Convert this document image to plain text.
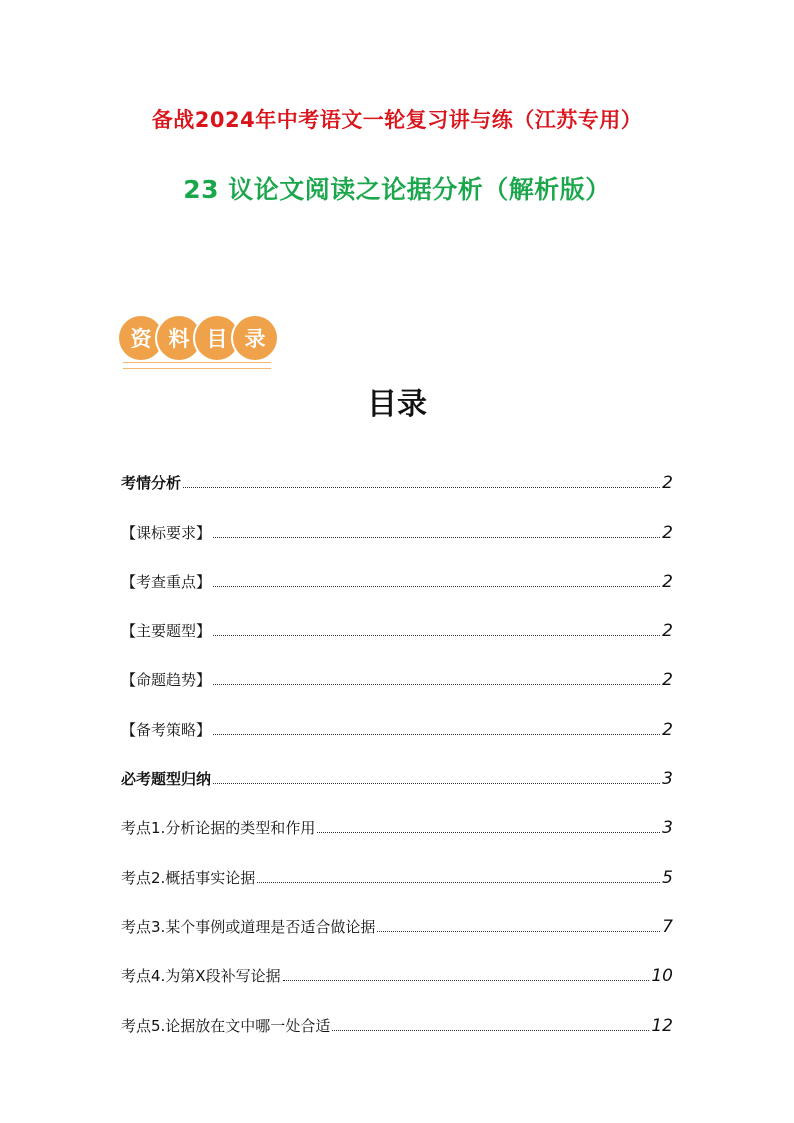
备战2024年中考语文一轮复习讲与练（江苏专用）
23 议论文阅读之论据分析（解析版）
资 料 目 录
目录
考情分析	2
【课标要求】	2
【考查重点】	2
【主要题型】	2
【命题趋势】	2
【备考策略】	2
必考题型归纳	3
考点1.分析论据的类型和作用	3
考点2.概括事实论据	5
考点3.某个事例或道理是否适合做论据	7
考点4.为第X段补写论据	10
考点5.论据放在文中哪一处合适	12
